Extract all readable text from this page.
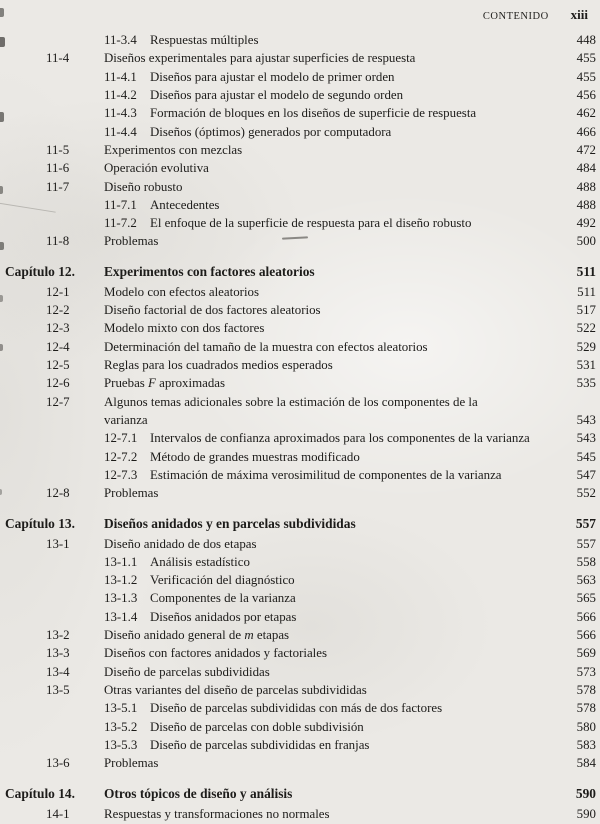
CONTENIDO xiii
11-3.4 Respuestas múltiples	448
11-4	Diseños experimentales para ajustar superficies de respuesta	455
11-4.1 Diseños para ajustar el modelo de primer orden	455
11-4.2 Diseños para ajustar el modelo de segundo orden	456
11-4.3 Formación de bloques en los diseños de superficie de respuesta	462
11-4.4 Diseños (óptimos) generados por computadora	466
11-5	Experimentos con mezclas	472
11-6	Operación evolutiva	484
11-7	Diseño robusto	488
11-7.1 Antecedentes	488
11-7.2 El enfoque de la superficie de respuesta para el diseño robusto	492
11-8	Problemas	500
Capítulo 12. Experimentos con factores aleatorios	511
12-1	Modelo con efectos aleatorios	511
12-2	Diseño factorial de dos factores aleatorios	517
12-3	Modelo mixto con dos factores	522
12-4	Determinación del tamaño de la muestra con efectos aleatorios	529
12-5	Reglas para los cuadrados medios esperados	531
12-6	Pruebas F aproximadas	535
12-7	Algunos temas adicionales sobre la estimación de los componentes de la
varianza	543
12-7.1 Intervalos de confianza aproximados para los componentes de la varianza	543
12-7.2 Método de grandes muestras modificado	545
12-7.3 Estimación de máxima verosimilitud de componentes de la varianza	547
12-8	Problemas	552
Capítulo 13. Diseños anidados y en parcelas subdivididas	557
13-1	Diseño anidado de dos etapas	557
13-1.1 Análisis estadístico	558
13-1.2 Verificación del diagnóstico	563
13-1.3 Componentes de la varianza	565
13-1.4 Diseños anidados por etapas	566
13-2	Diseño anidado general de m etapas	566
13-3	Diseños con factores anidados y factoriales	569
13-4	Diseño de parcelas subdivididas	573
13-5	Otras variantes del diseño de parcelas subdivididas	578
13-5.1 Diseño de parcelas subdivididas con más de dos factores	578
13-5.2 Diseño de parcelas con doble subdivisión	580
13-5.3 Diseño de parcelas subdivididas en franjas	583
13-6	Problemas	584
Capítulo 14. Otros tópicos de diseño y análisis	590
14-1	Respuestas y transformaciones no normales	590
